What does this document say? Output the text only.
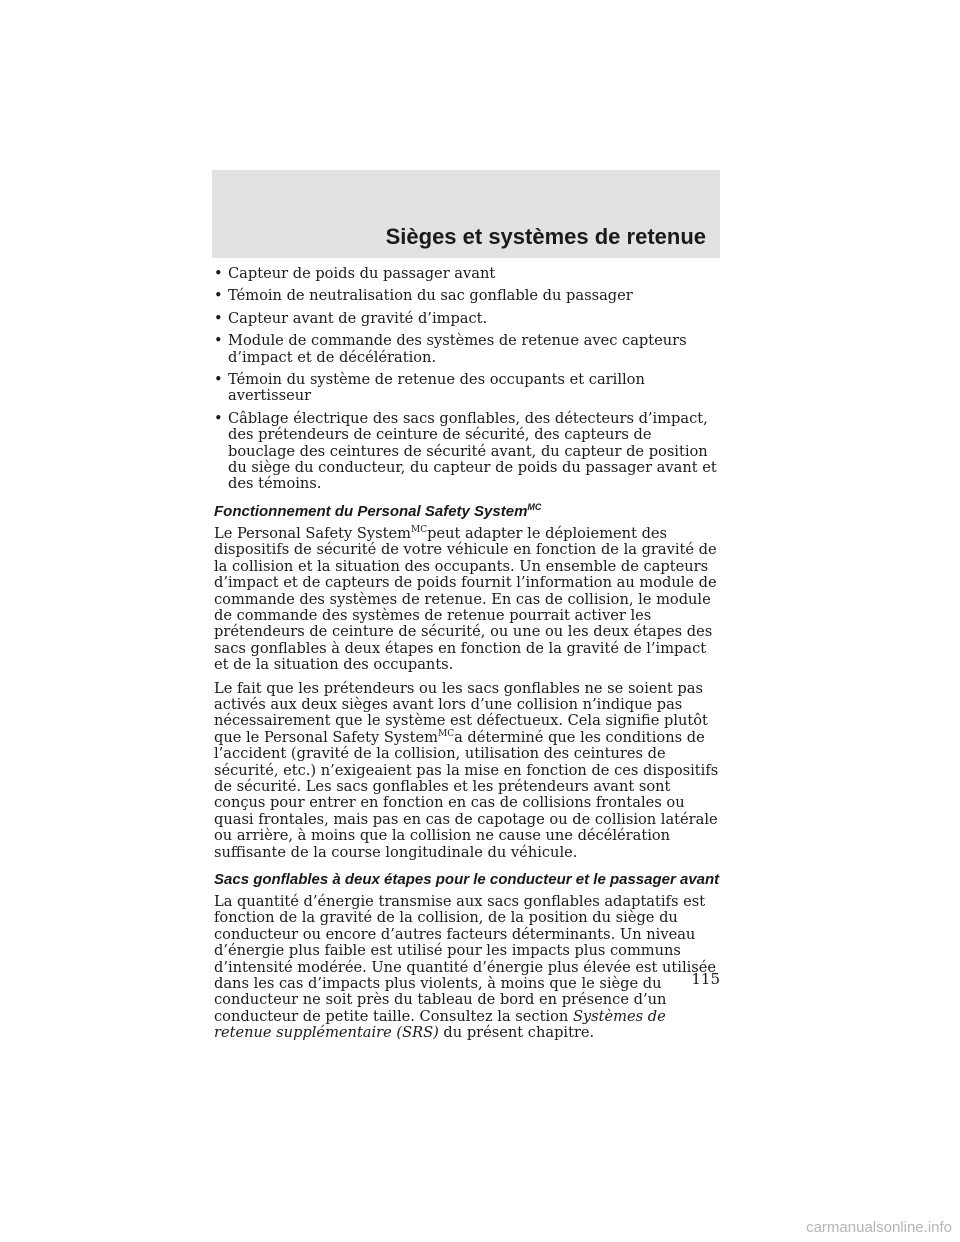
Sièges et systèmes de retenue
• Capteur de poids du passager avant
• Témoin de neutralisation du sac gonflable du passager
• Capteur avant de gravité d’impact.
• Module de commande des systèmes de retenue avec capteurs d’impact et de décélération.
• Témoin du système de retenue des occupants et carillon avertisseur
• Câblage électrique des sacs gonflables, des détecteurs d’impact, des prétendeurs de ceinture de sécurité, des capteurs de bouclage des ceintures de sécurité avant, du capteur de position du siège du conducteur, du capteur de poids du passager avant et des témoins.
Fonctionnement du Personal Safety System$^{MC}$

Le Personal Safety System$^{MC}$peut adapter le déploiement des dispositifs de sécurité de votre véhicule en fonction de la gravité de la collision et la situation des occupants. Un ensemble de capteurs d’impact et de capteurs de poids fournit l’information au module de commande des systèmes de retenue. En cas de collision, le module de commande des systèmes de retenue pourrait activer les prétendeurs de ceinture de sécurité, ou une ou les deux étapes des sacs gonflables à deux étapes en fonction de la gravité de l’impact et de la situation des occupants.

Le fait que les prétendeurs ou les sacs gonflables ne se soient pas activés aux deux sièges avant lors d’une collision n’indique pas nécessairement que le système est défectueux. Cela signifie plutôt que le Personal Safety System$^{MC}$a déterminé que les conditions de l’accident (gravité de la collision, utilisation des ceintures de sécurité, etc.) n’exigeaient pas la mise en fonction de ces dispositifs de sécurité. Les sacs gonflables et les prétendeurs avant sont conçus pour entrer en fonction en cas de collisions frontales ou quasi frontales, mais pas en cas de capotage ou de collision latérale ou arrière, à moins que la collision ne cause une décélération suffisante de la course longitudinale du véhicule.

Sacs gonflables à deux étapes pour le conducteur et le passager avant

La quantité d’énergie transmise aux sacs gonflables adaptatifs est fonction de la gravité de la collision, de la position du siège du conducteur ou encore d’autres facteurs déterminants. Un niveau d’énergie plus faible est utilisé pour les impacts plus communs d’intensité modérée. Une quantité d’énergie plus élevée est utilisée dans les cas d’impacts plus violents, à moins que le siège du conducteur ne soit près du tableau de bord en présence d’un conducteur de petite taille. Consultez la section Systèmes de retenue supplémentaire (SRS) du présent chapitre.

115
carmanualsonline.info
